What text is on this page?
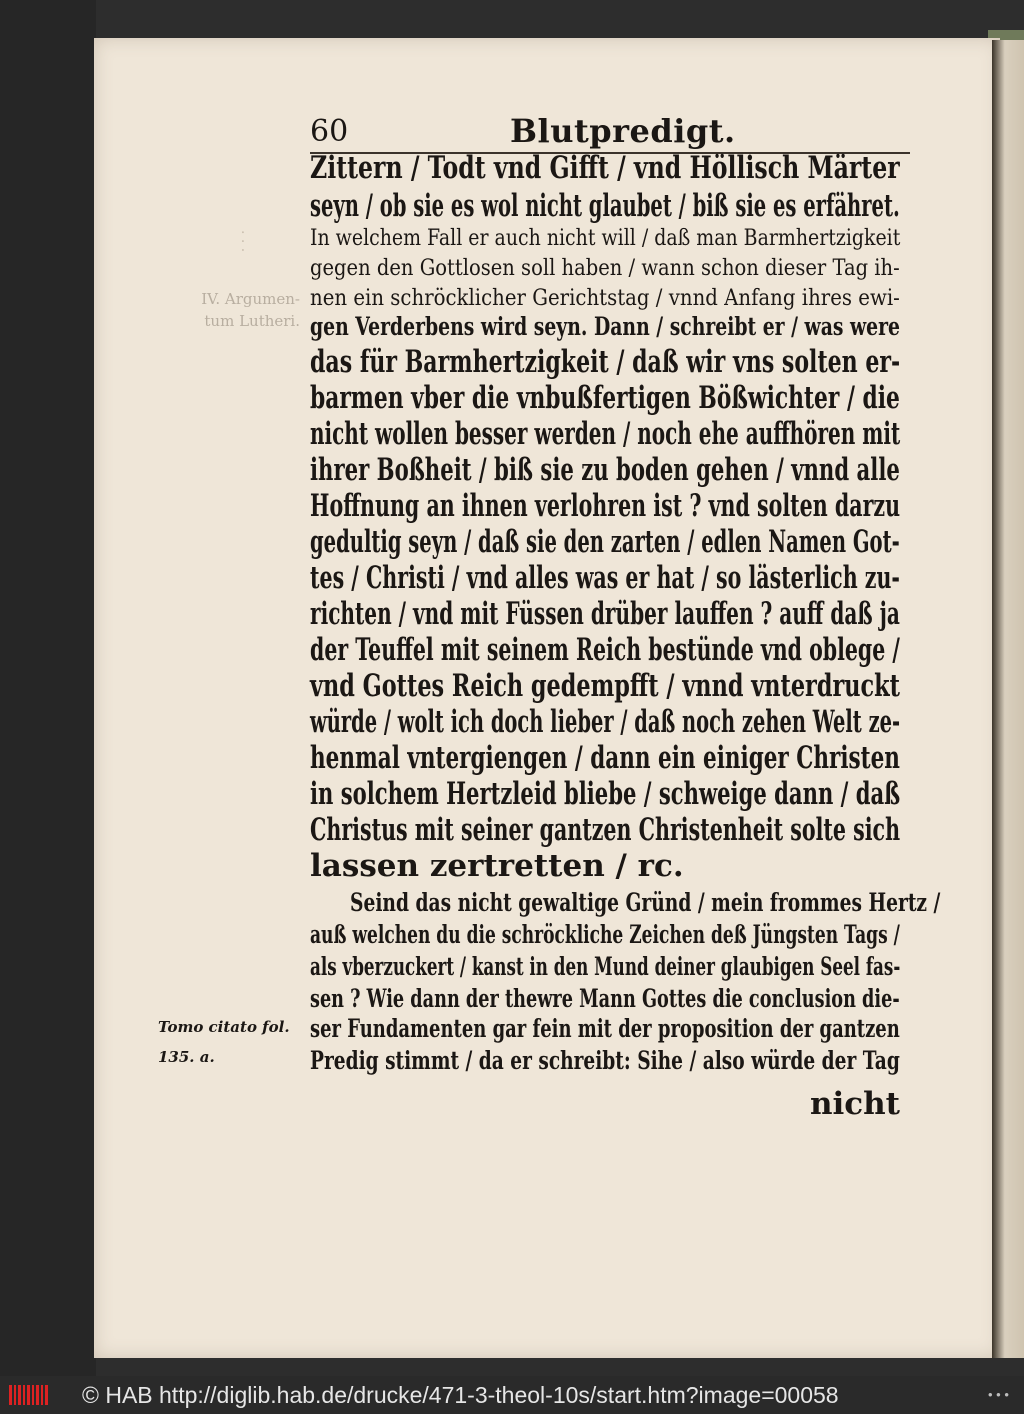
· · ·
60	Blutpredigt.
Zittern / Todt vnd Gifft / vnd Höllisch Märter
seyn / ob sie es wol nicht glaubet / biß sie es erfähret.
In welchem Fall er auch nicht will / daß man Barmhertzigkeit
gegen den Gottlosen soll haben / wann schon dieser Tag ih-
nen ein schröcklicher Gerichtstag / vnnd Anfang ihres ewi-
gen Verderbens wird seyn. Dann / schreibt er / was were
das für Barmhertzigkeit / daß wir vns solten er-
barmen vber die vnbußfertigen Bößwichter / die
nicht wollen besser werden / noch ehe auffhören mit
ihrer Boßheit / biß sie zu boden gehen / vnnd alle
Hoffnung an ihnen verlohren ist ? vnd solten darzu
gedultig seyn / daß sie den zarten / edlen Namen Got-
tes / Christi / vnd alles was er hat / so lästerlich zu-
richten / vnd mit Füssen drüber lauffen ? auff daß ja
der Teuffel mit seinem Reich bestünde vnd oblege /
vnd Gottes Reich gedempfft / vnnd vnterdruckt
würde / wolt ich doch lieber / daß noch zehen Welt ze-
henmal vntergiengen / dann ein einiger Christen
in solchem Hertzleid bliebe / schweige dann / daß
Christus mit seiner gantzen Christenheit solte sich
lassen zertretten / rc.
Seind das nicht gewaltige Gründ / mein frommes Hertz /
auß welchen du die schröckliche Zeichen deß Jüngsten Tags /
als vberzuckert / kanst in den Mund deiner glaubigen Seel fas-
sen ? Wie dann der thewre Mann Gottes die conclusion die-
ser Fundamenten gar fein mit der proposition der gantzen
Predig stimmt / da er schreibt: Sihe / also würde der Tag
nicht
IV. Argumen-
tum Lutheri.
Tomo citato fol.
135. a.
© HAB http://diglib.hab.de/drucke/471-3-theol-10s/start.htm?image=00058	• • •
